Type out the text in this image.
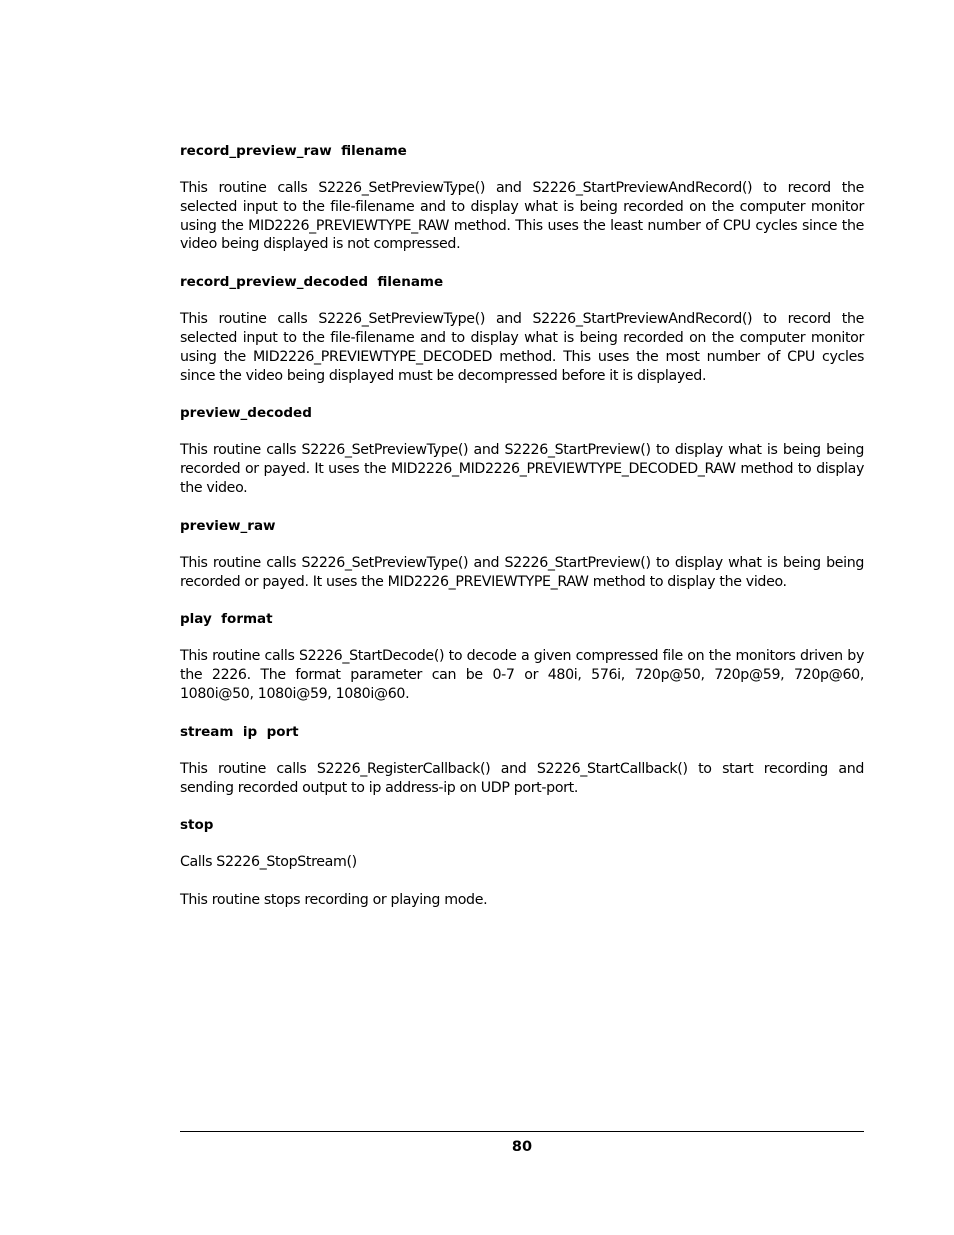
record_preview_raw  filename

This routine calls S2226_SetPreviewType() and S2226_StartPreviewAndRecord() to record the selected input to the file-filename and to display what is being recorded on the computer monitor using the MID2226_PREVIEWTYPE_RAW method. This uses the least number of CPU cycles since the video being displayed is not compressed.

record_preview_decoded  filename

This routine calls S2226_SetPreviewType() and S2226_StartPreviewAndRecord() to record the selected input to the file-filename and to display what is being recorded on the computer monitor using the MID2226_PREVIEWTYPE_DECODED method. This uses the most number of CPU cycles since the video being displayed must be decompressed before it is displayed.

preview_decoded

This routine calls S2226_SetPreviewType() and S2226_StartPreview() to display what is being being recorded or payed. It uses the MID2226_MID2226_PREVIEWTYPE_DECODED_RAW method to display the video.

preview_raw

This routine calls S2226_SetPreviewType() and S2226_StartPreview() to display what is being being recorded or payed. It uses the MID2226_PREVIEWTYPE_RAW method to display the video.

play  format

This routine calls S2226_StartDecode() to decode a given compressed file on the monitors driven by the 2226. The format parameter can be 0-7 or 480i, 576i, 720p@50, 720p@59, 720p@60, 1080i@50, 1080i@59, 1080i@60.

stream  ip  port

This routine calls S2226_RegisterCallback() and S2226_StartCallback() to start recording and sending recorded output to ip address-ip on UDP port-port.

stop

Calls S2226_StopStream()

This routine stops recording or playing mode.

80
